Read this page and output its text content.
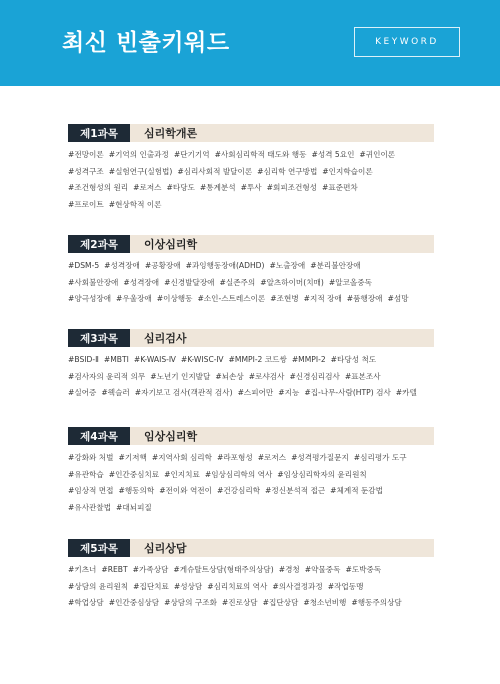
최신 빈출키워드	KEYWORD
제1과목	심리학개론
#전망이론 #기억의 인출과정 #단기기억 #사회심리학적 태도와 행동 #성격 5요인 #귀인이론
#성격구조 #실험연구(실험법) #심리사회적 발달이론 #심리학 연구방법 #인지학습이론
#조건형성의 원리 #로저스 #타당도 #통계분석 #투사 #회피조건형성 #표준편차
#프로이트 #현상학적 이론
제2과목	이상심리학
#DSM-5 #성격장애 #공황장애 #과잉행동장애(ADHD) #노출장애 #분리불안장애
#사회불안장애 #성격장애 #신경발달장애 #실존주의 #알츠하이머(치매) #알코올중독
#양극성장애 #우울장애 #이상행동 #소인-스트레스이론 #조현병 #지적 장애 #품행장애 #섬망
제3과목	심리검사
#BSID-Ⅱ #MBTI #K-WAIS-Ⅳ #K-WISC-Ⅳ #MMPI-2 코드쌍 #MMPI-2 #타당성 척도
#검사자의 윤리적 의무 #노년기 인지발달 #뇌손상 #로샤검사 #신경심리검사 #표본조사
#실어증 #웩슬러 #자기보고 검사(객관적 검사) #스피어만 #지능 #집-나무-사람(HTP) 검사 #카텔
제4과목	임상심리학
#강화와 처벌 #기저핵 #지역사회 심리학 #라포형성 #로저스 #성격평가질문지 #심리평가 도구
#유관학습 #인간중심치료 #인지치료 #임상심리학의 역사 #임상심리학자의 윤리원칙
#임상적 면접 #행동의학 #전이와 역전이 #건강심리학 #정신분석적 접근 #체계적 둔감법
#유사관찰법 #대뇌피질
제5과목	심리상담
#키츠너 #REBT #가족상담 #게슈탈트상담(형태주의상담) #경청 #약물중독 #도박중독
#상담의 윤리원칙 #집단치료 #성상담 #심리치료의 역사 #의사결정과정 #작업동맹
#학업상담 #인간중심상담 #상담의 구조화 #진로상담 #집단상담 #청소년비행 #행동주의상담
